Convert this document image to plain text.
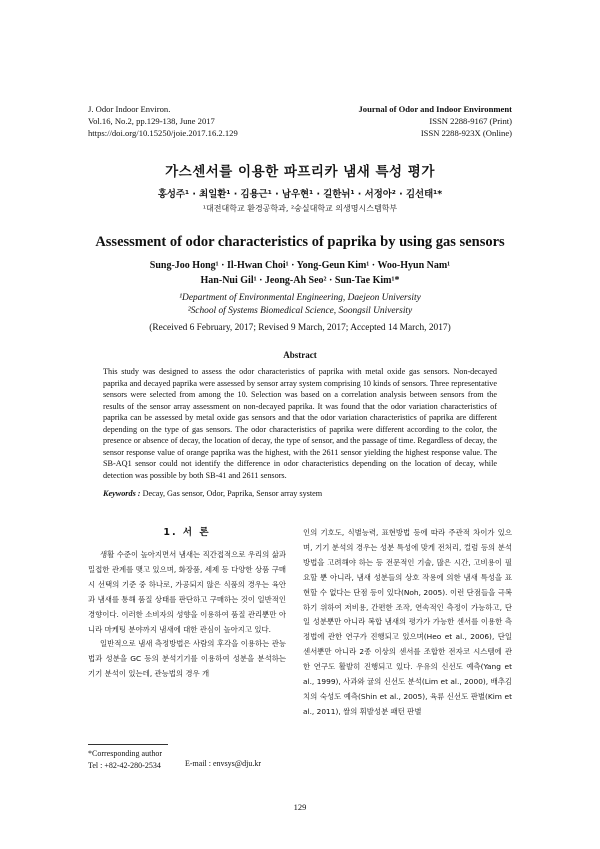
J. Odor Indoor Environ.
Vol.16, No.2, pp.129-138, June 2017
https://doi.org/10.15250/joie.2017.16.2.129
Journal of Odor and Indoor Environment
ISSN 2288-9167 (Print)
ISSN 2288-923X (Online)
가스센서를 이용한 파프리카 냄새 특성 평가
홍성주¹ · 최일환¹ · 김용근¹ · 남우현¹ · 길한뉘¹ · 서정아² · 김선태¹*
¹대전대학교 환경공학과, ²숭실대학교 의생명시스템학부
Assessment of odor characteristics of paprika by using gas sensors
Sung-Joo Hong¹ · Il-Hwan Choi¹ · Yong-Geun Kim¹ · Woo-Hyun Nam¹
Han-Nui Gil¹ · Jeong-Ah Seo² · Sun-Tae Kim¹*
¹Department of Environmental Engineering, Daejeon University
²School of Systems Biomedical Science, Soongsil University
(Received 6 February, 2017; Revised 9 March, 2017; Accepted 14 March, 2017)
Abstract
This study was designed to assess the odor characteristics of paprika with metal oxide gas sensors. Non-decayed paprika and decayed paprika were assessed by sensor array system comprising 10 kinds of sensors. Three representative sensors were selected from among the 10. Selection was based on a correlation analysis between sensors from the results of the sensor array assessment on non-decayed paprika. It was found that the odor variation characteristics of paprika can be assessed by metal oxide gas sensors and that the odor variation characteristics of paprika are different depending on the type of gas sensors. The odor characteristics of paprika were different according to the color, the presence or absence of decay, the location of decay, the type of sensor, and the passage of time. Regardless of decay, the sensor response value of orange paprika was the highest, with the 2611 sensor yielding the highest response value. The SB-AQ1 sensor could not identify the difference in odor characteristics depending on the location of decay, while detection was possible by both SB-41 and 2611 sensors.
Keywords : Decay, Gas sensor, Odor, Paprika, Sensor array system
1. 서 론

생활 수준이 높아지면서 냄새는 직간접적으로 우리의 삶과 밀접한 관계를 맺고 있으며, 화장품, 세제 등 다양한 상품 구매 시 선택의 기준 중 하나로, 가공되지 않은 식품의 경우는 육안과 냄새를 통해 품질 상태를 판단하고 구매하는 것이 일반적인 경향이다. 이러한 소비자의 성향을 이용하여 품질 관리뿐만 아니라 마케팅 분야까지 냄새에 대한 관심이 높아지고 있다.

일반적으로 냄새 측정방법은 사람의 후각을 이용하는 관능법과 성분을 GC 등의 분석기기를 이용하여 성분을 분석하는 기기 분석이 있는데, 관능법의 경우 개

인의 기호도, 식별능력, 표현방법 등에 따라 주관적 차이가 있으며, 기기 분석의 경우는 성분 특성에 맞게 전처리, 컬럼 등의 분석 방법을 고려해야 하는 등 전문적인 기술, 많은 시간, 고비용이 필요할 뿐 아니라, 냄새 성분들의 상호 작용에 의한 냄새 특성을 표현할 수 없다는 단점 등이 있다(Noh, 2005). 이런 단점들을 극복하기 위하여 저비용, 간편한 조작, 연속적인 측정이 가능하고, 단일 성분뿐만 아니라 복합 냄새의 평가가 가능한 센서를 이용한 측정법에 관한 연구가 진행되고 있으며(Heo et al., 2006), 단일 센서뿐만 아니라 2종 이상의 센서를 조합한 전자코 시스템에 관한 연구도 활발히 진행되고 있다. 우유의 신선도 예측(Yang et al., 1999), 사과와 귤의 신선도 분석(Lim et al., 2000), 배추김치의 숙성도 예측(Shin et al., 2005), 육류 신선도 판별(Kim et al., 2011), 쌀의 휘발성분 패턴 판별

*Corresponding author
Tel : +82-42-280-2534	E-mail : envsys@dju.kr
129
